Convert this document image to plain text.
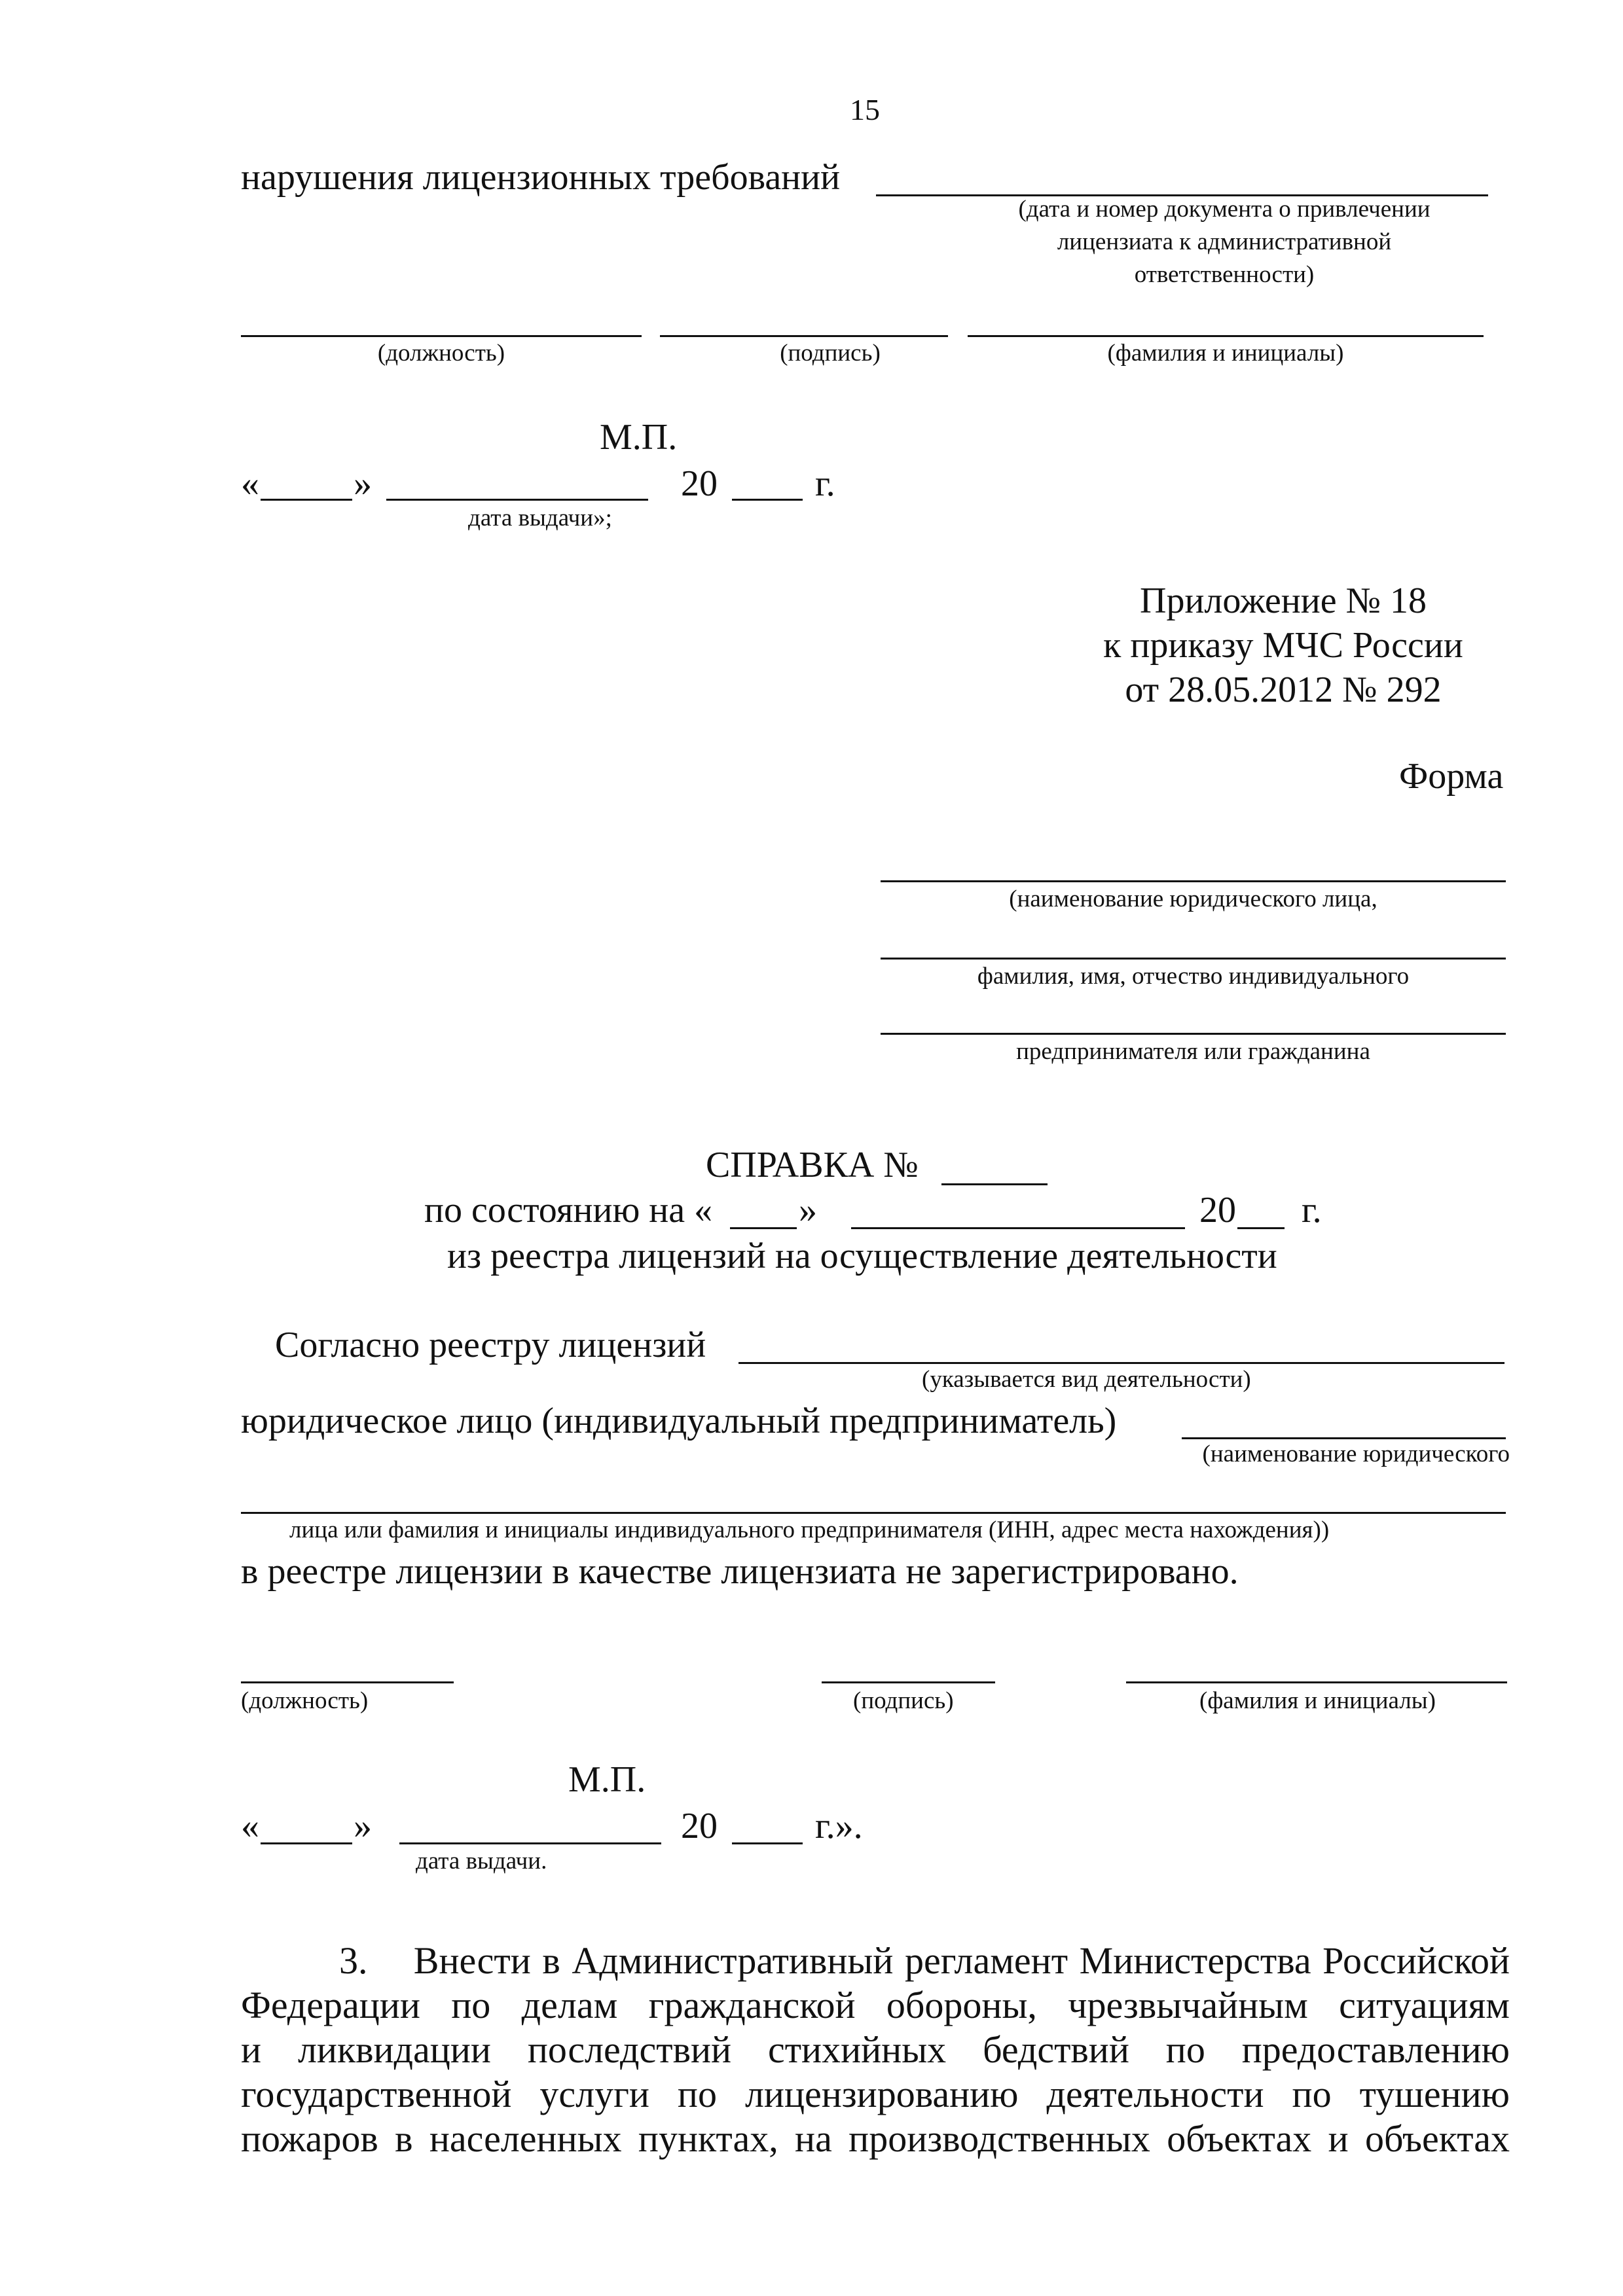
15
нарушения лицензионных требований
(дата и номер документа о привлечении
лицензиата к административной
ответственности)
(должность)	(подпись)	(фамилия и инициалы)
М.П.
«	»	20	г.
дата выдачи»;
Приложение № 18
к приказу МЧС России
от 28.05.2012 № 292
Форма
(наименование юридического лица,
фамилия, имя, отчество индивидуального
предпринимателя или гражданина
СПРАВКА №
по состоянию на « »	20 г.
из реестра лицензий на осуществление деятельности
Согласно реестру лицензий
(указывается вид деятельности)
юридическое лицо (индивидуальный предприниматель)
(наименование юридического
лица или фамилия и инициалы индивидуального предпринимателя (ИНН, адрес места нахождения))
в реестре лицензии в качестве лицензиата не зарегистрировано.
(должность)	(подпись)	(фамилия и инициалы)
М.П.
«	»	20	г.».
дата выдачи.
3. Внести в Административный регламент Министерства Российской
Федерации по делам гражданской обороны, чрезвычайным ситуациям
и ликвидации последствий стихийных бедствий по предоставлению
государственной услуги по лицензированию деятельности по тушению
пожаров в населенных пунктах, на производственных объектах и объектах
